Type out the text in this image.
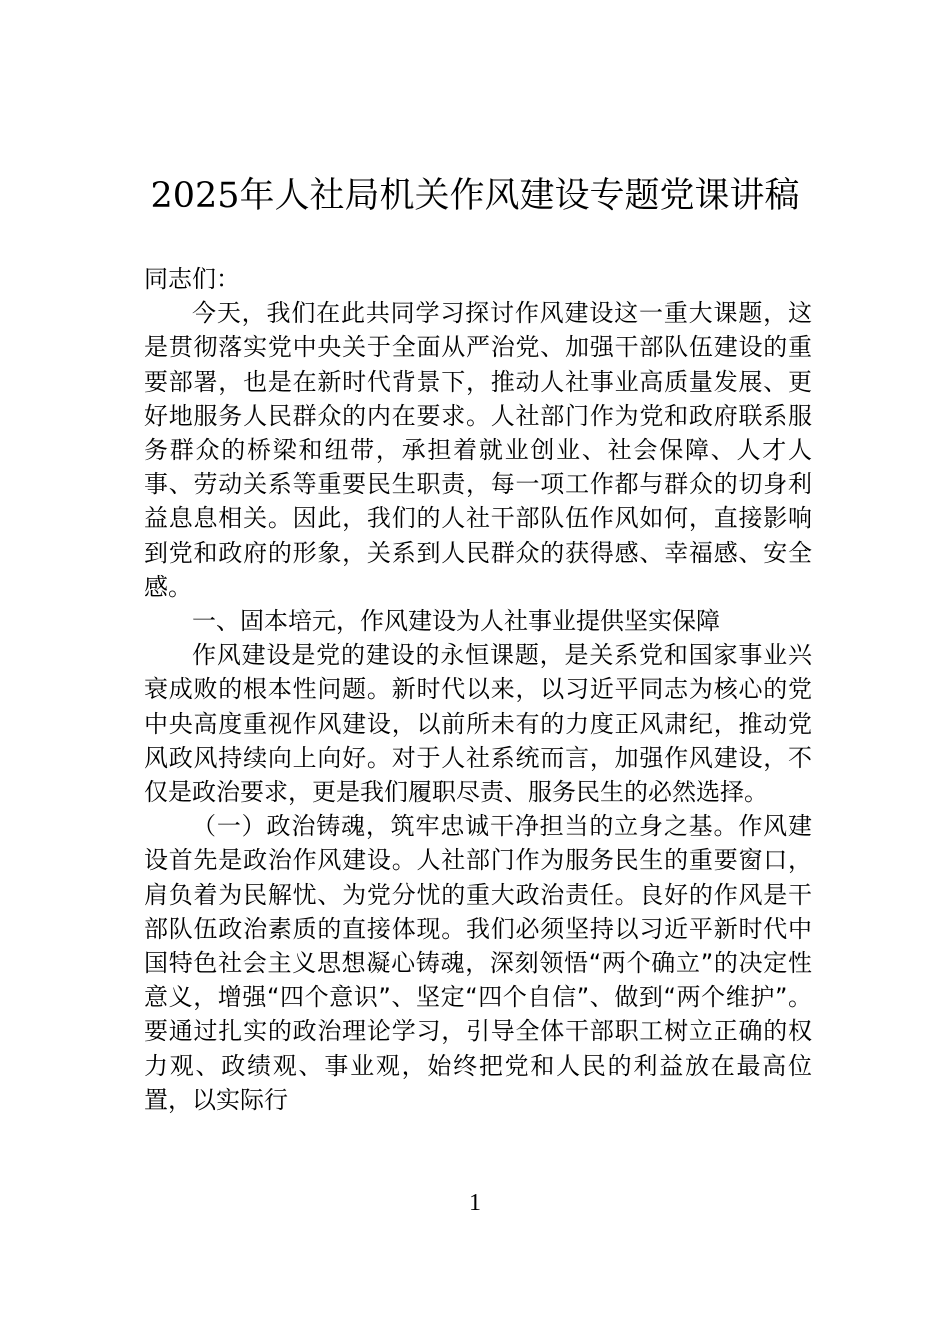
2025年人社局机关作风建设专题党课讲稿

同志们：

今天，我们在此共同学习探讨作风建设这一重大课题，这是贯彻落实党中央关于全面从严治党、加强干部队伍建设的重要部署，也是在新时代背景下，推动人社事业高质量发展、更好地服务人民群众的内在要求。人社部门作为党和政府联系服务群众的桥梁和纽带，承担着就业创业、社会保障、人才人事、劳动关系等重要民生职责，每一项工作都与群众的切身利益息息相关。因此，我们的人社干部队伍作风如何，直接影响到党和政府的形象，关系到人民群众的获得感、幸福感、安全感。

一、固本培元，作风建设为人社事业提供坚实保障

作风建设是党的建设的永恒课题，是关系党和国家事业兴衰成败的根本性问题。新时代以来，以习近平同志为核心的党中央高度重视作风建设，以前所未有的力度正风肃纪，推动党风政风持续向上向好。对于人社系统而言，加强作风建设，不仅是政治要求，更是我们履职尽责、服务民生的必然选择。

（一）政治铸魂，筑牢忠诚干净担当的立身之基。作风建设首先是政治作风建设。人社部门作为服务民生的重要窗口，肩负着为民解忧、为党分忧的重大政治责任。良好的作风是干部队伍政治素质的直接体现。我们必须坚持以习近平新时代中国特色社会主义思想凝心铸魂，深刻领悟“两个确立”的决定性意义，增强“四个意识”、坚定“四个自信”、做到“两个维护”。要通过扎实的政治理论学习，引导全体干部职工树立正确的权力观、政绩观、事业观，始终把党和人民的利益放在最高位置，以实际行

1
